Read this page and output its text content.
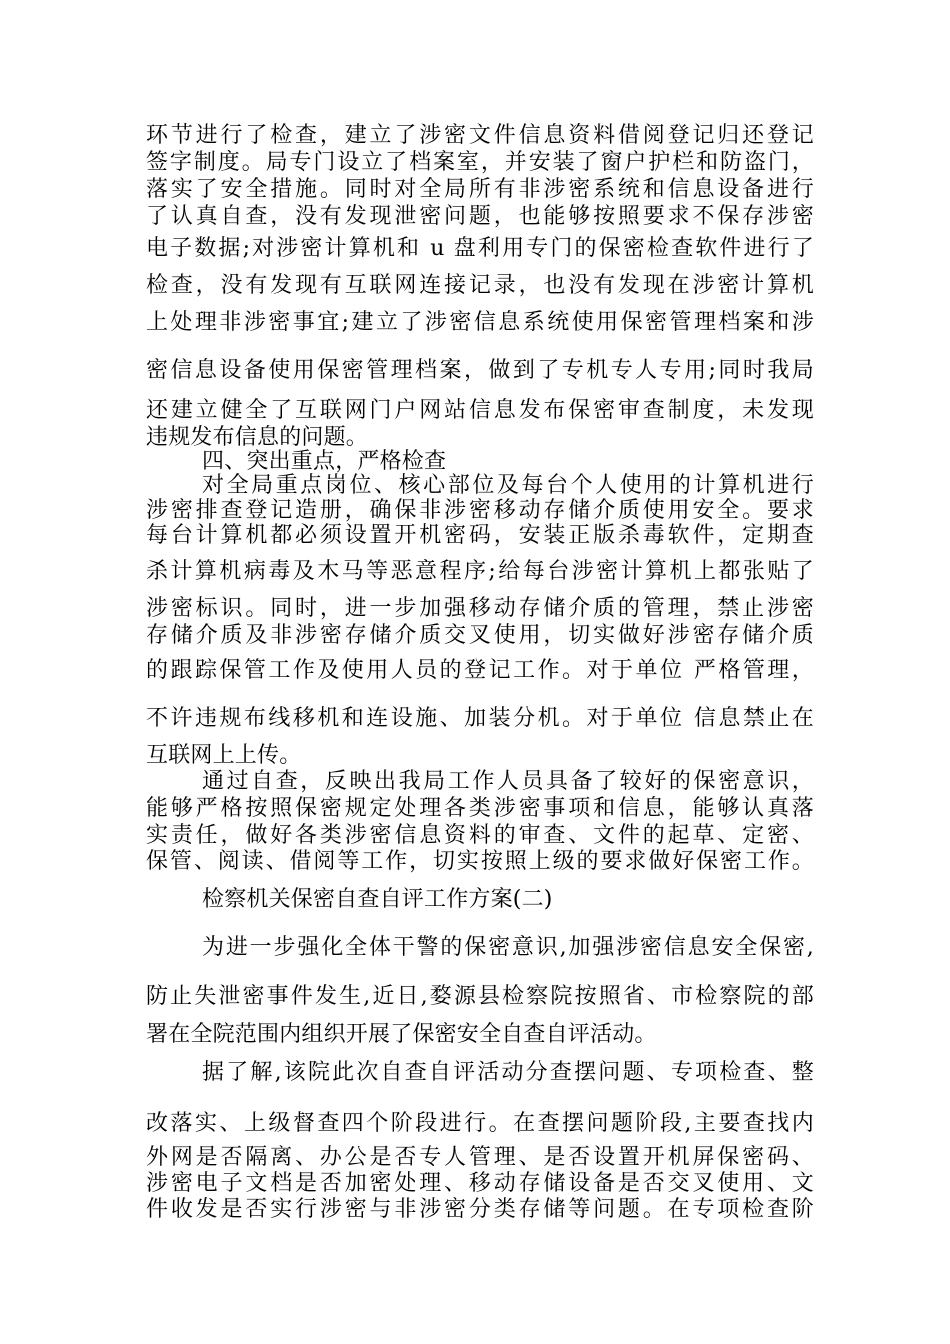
环节进行了检查，建立了涉密文件信息资料借阅登记归还登记
签字制度。局专门设立了档案室，并安装了窗户护栏和防盗门，
落实了安全措施。同时对全局所有非涉密系统和信息设备进行
了认真自查，没有发现泄密问题，也能够按照要求不保存涉密
电子数据;对涉密计算机和 u 盘利用专门的保密检查软件进行了
检查，没有发现有互联网连接记录，也没有发现在涉密计算机
上处理非涉密事宜;建立了涉密信息系统使用保密管理档案和涉
密信息设备使用保密管理档案，做到了专机专人专用;同时我局
还建立健全了互联网门户网站信息发布保密审查制度，未发现
违规发布信息的问题。
四、突出重点，严格检查
对全局重点岗位、核心部位及每台个人使用的计算机进行
涉密排查登记造册，确保非涉密移动存储介质使用安全。要求
每台计算机都必须设置开机密码，安装正版杀毒软件，定期查
杀计算机病毒及木马等恶意程序;给每台涉密计算机上都张贴了
涉密标识。同时，进一步加强移动存储介质的管理，禁止涉密
存储介质及非涉密存储介质交叉使用，切实做好涉密存储介质
的跟踪保管工作及使用人员的登记工作。对于单位 严格管理，
不许违规布线移机和连设施、加装分机。对于单位 信息禁止在
互联网上上传。
通过自查，反映出我局工作人员具备了较好的保密意识，
能够严格按照保密规定处理各类涉密事项和信息，能够认真落
实责任，做好各类涉密信息资料的审查、文件的起草、定密、
保管、阅读、借阅等工作，切实按照上级的要求做好保密工作。
检察机关保密自查自评工作方案(二)
为进一步强化全体干警的保密意识,加强涉密信息安全保密,
防止失泄密事件发生,近日,婺源县检察院按照省、市检察院的部
署在全院范围内组织开展了保密安全自查自评活动。
据了解,该院此次自查自评活动分查摆问题、专项检查、整
改落实、上级督查四个阶段进行。在查摆问题阶段,主要查找内
外网是否隔离、办公是否专人管理、是否设置开机屏保密码、
涉密电子文档是否加密处理、移动存储设备是否交叉使用、文
件收发是否实行涉密与非涉密分类存储等问题。在专项检查阶
